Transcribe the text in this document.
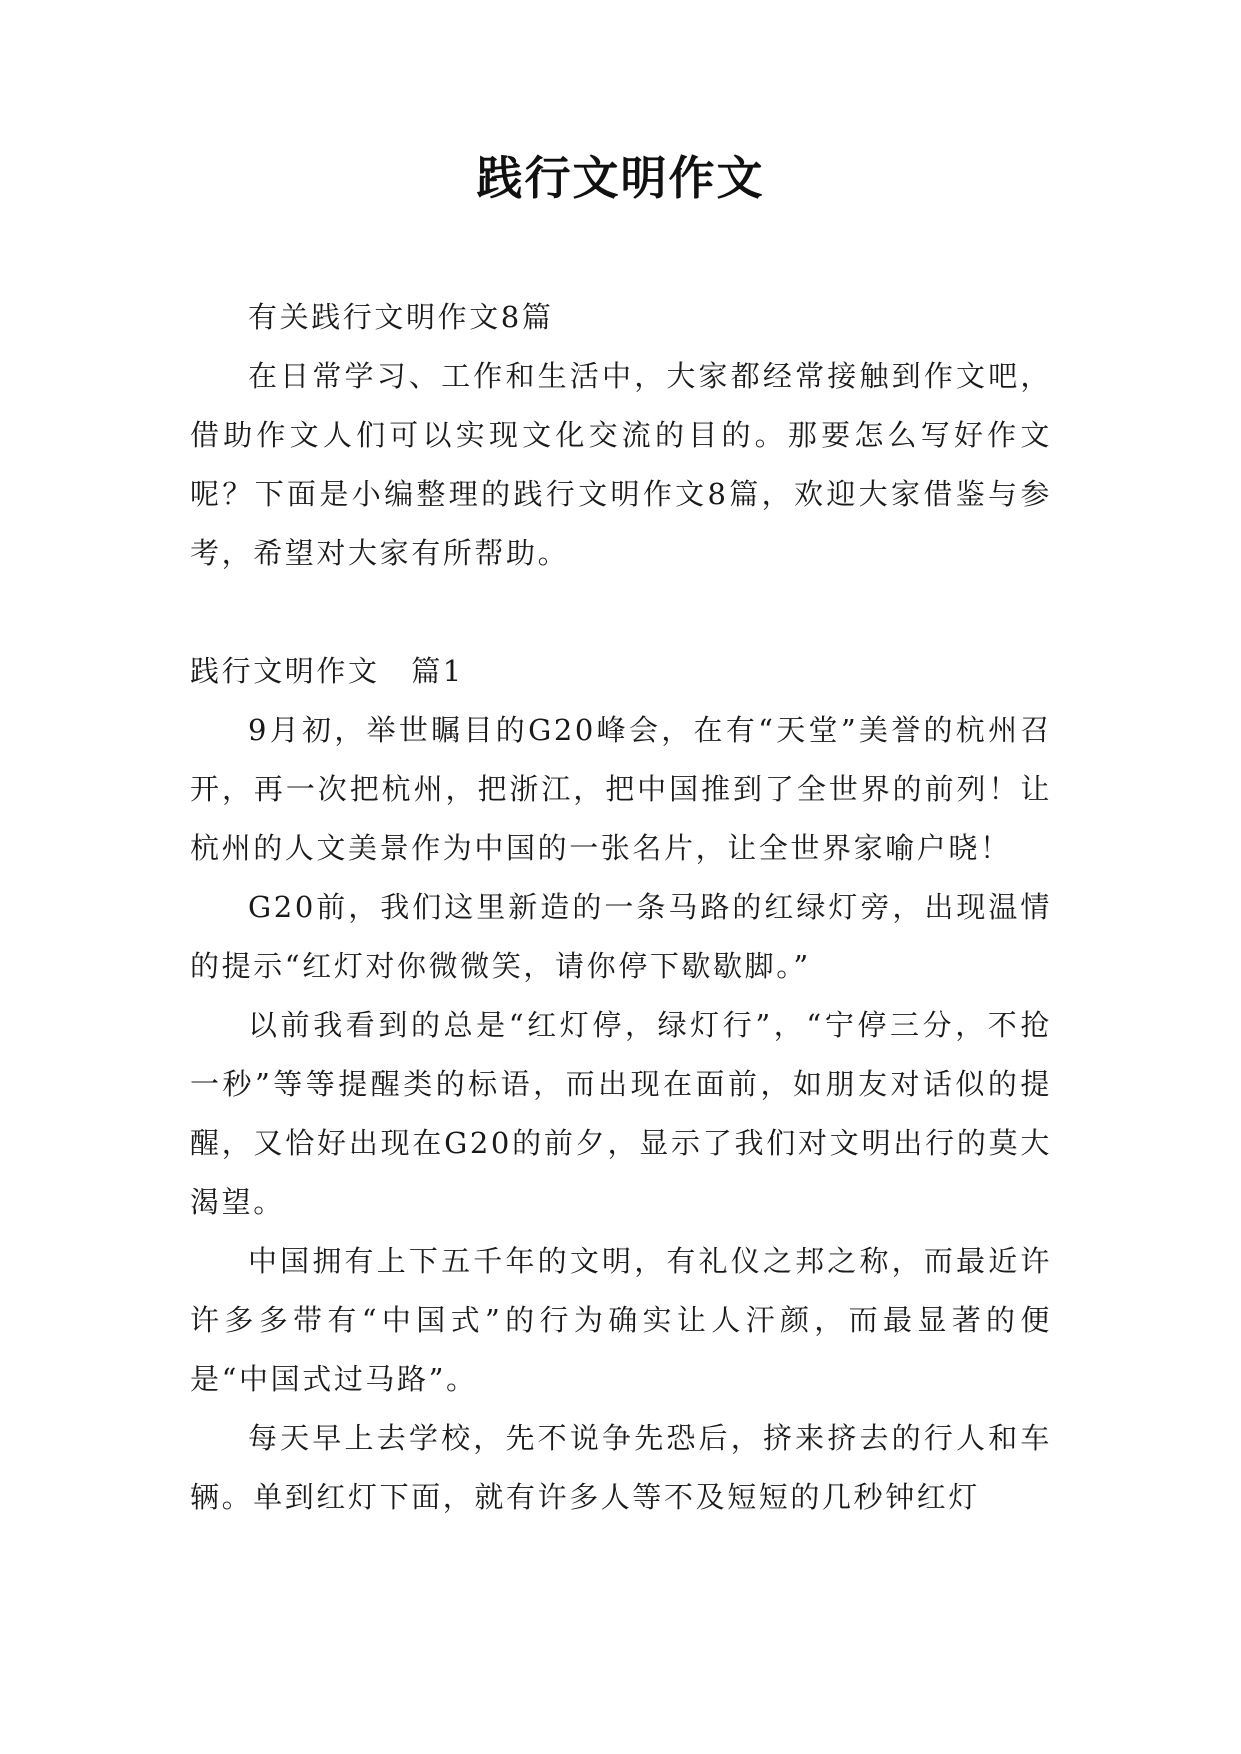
践行文明作文

有关践行文明作文8篇

在日常学习、工作和生活中，大家都经常接触到作文吧，借助作文人们可以实现文化交流的目的。那要怎么写好作文呢？下面是小编整理的践行文明作文8篇，欢迎大家借鉴与参考，希望对大家有所帮助。

践行文明作文　篇1

9月初，举世瞩目的G20峰会，在有“天堂”美誉的杭州召开，再一次把杭州，把浙江，把中国推到了全世界的前列！让杭州的人文美景作为中国的一张名片，让全世界家喻户晓！

G20前，我们这里新造的一条马路的红绿灯旁，出现温情的提示“红灯对你微微笑，请你停下歇歇脚。”

以前我看到的总是“红灯停，绿灯行”，“宁停三分，不抢一秒”等等提醒类的标语，而出现在面前，如朋友对话似的提醒，又恰好出现在G20的前夕，显示了我们对文明出行的莫大渴望。

中国拥有上下五千年的文明，有礼仪之邦之称，而最近许许多多带有“中国式”的行为确实让人汗颜，而最显著的便是“中国式过马路”。

每天早上去学校，先不说争先恐后，挤来挤去的行人和车辆。单到红灯下面，就有许多人等不及短短的几秒钟红灯
